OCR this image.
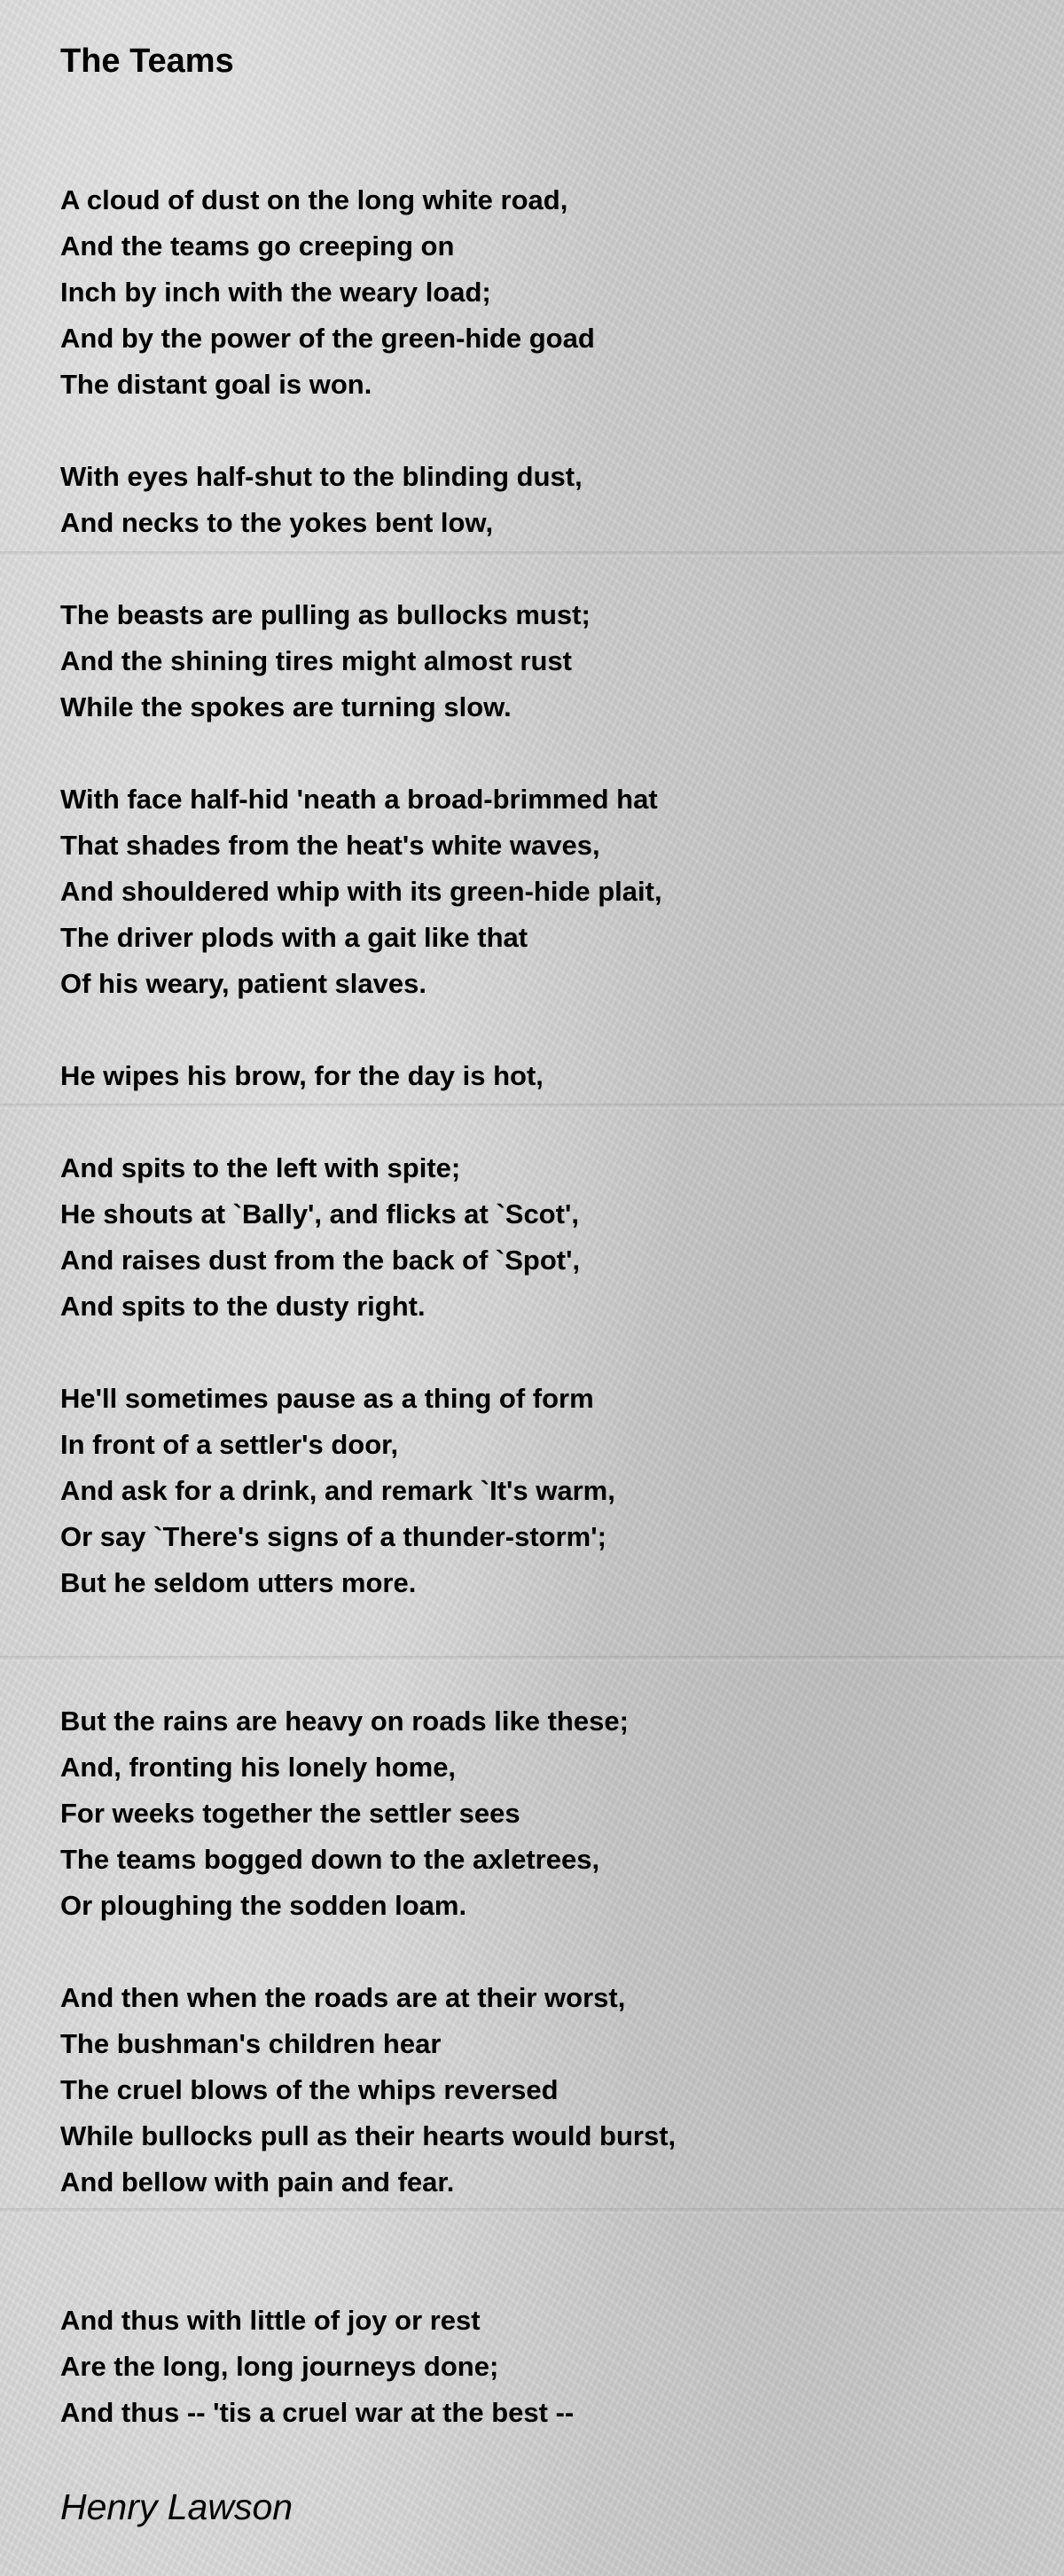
The Teams
A cloud of dust on the long white road,
And the teams go creeping on
Inch by inch with the weary load;
And by the power of the green-hide goad
The distant goal is won.
With eyes half-shut to the blinding dust,
And necks to the yokes bent low,
The beasts are pulling as bullocks must;
And the shining tires might almost rust
While the spokes are turning slow.
With face half-hid 'neath a broad-brimmed hat
That shades from the heat's white waves,
And shouldered whip with its green-hide plait,
The driver plods with a gait like that
Of his weary, patient slaves.
He wipes his brow, for the day is hot,
And spits to the left with spite;
He shouts at `Bally', and flicks at `Scot',
And raises dust from the back of `Spot',
And spits to the dusty right.
He'll sometimes pause as a thing of form
In front of a settler's door,
And ask for a drink, and remark `It's warm,
Or say `There's signs of a thunder-storm';
But he seldom utters more.
But the rains are heavy on roads like these;
And, fronting his lonely home,
For weeks together the settler sees
The teams bogged down to the axletrees,
Or ploughing the sodden loam.
And then when the roads are at their worst,
The bushman's children hear
The cruel blows of the whips reversed
While bullocks pull as their hearts would burst,
And bellow with pain and fear.
And thus with little of joy or rest
Are the long, long journeys done;
And thus -- 'tis a cruel war at the best --

Henry Lawson
